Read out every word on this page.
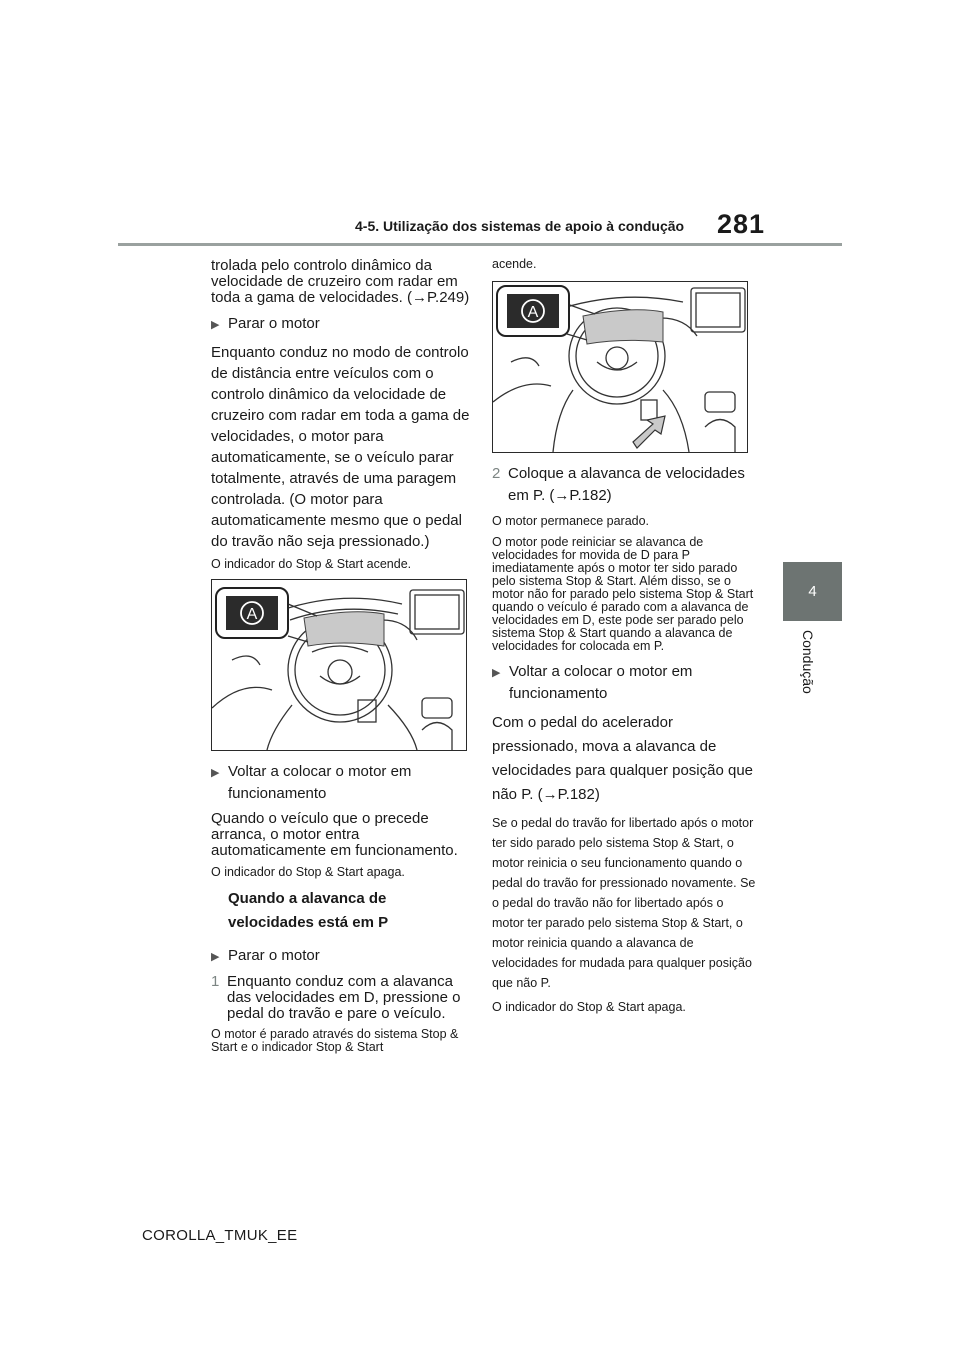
4-5. Utilização dos sistemas de apoio à condução 281
4
Condução

trolada pelo controlo dinâmico da velocidade de cruzeiro com radar em toda a gama de velocidades. (→P.249)

▶ Parar o motor

Enquanto conduz no modo de controlo de distância entre veículos com o controlo dinâmico da velocidade de cruzeiro com radar em toda a gama de velocidades, o motor para automaticamente, se o veículo parar totalmente, através de uma paragem controlada. (O motor para automaticamente mesmo que o pedal do travão não seja pressionado.)

O indicador do Stop & Start acende.

A
▶ Voltar a colocar o motor em funcionamento

Quando o veículo que o precede arranca, o motor entra automaticamente em funcionamento.

O indicador do Stop & Start apaga.

Quando a alavanca de velocidades está em P
▶ Parar o motor
1 Enquanto conduz com a alavanca das velocidades em D, pressione o pedal do travão e pare o veículo.

O motor é parado através do sistema Stop & Start e o indicador Stop & Start

acende.

A
2 Coloque a alavanca de velocidades em P. (→P.182)

O motor permanece parado.

O motor pode reiniciar se alavanca de velocidades for movida de D para P imediatamente após o motor ter sido parado pelo sistema Stop & Start. Além disso, se o motor não for parado pelo sistema Stop & Start quando o veículo é parado com a alavanca de velocidades em D, este pode ser parado pelo sistema Stop & Start quando a alavanca de velocidades for colocada em P.

▶ Voltar a colocar o motor em funcionamento

Com o pedal do acelerador pressionado, mova a alavanca de velocidades para qualquer posição que não P. (→P.182)

Se o pedal do travão for libertado após o motor ter sido parado pelo sistema Stop & Start, o motor reinicia o seu funcionamento quando o pedal do travão for pressionado novamente. Se o pedal do travão não for libertado após o motor ter parado pelo sistema Stop & Start, o motor reinicia quando a alavanca de velocidades for mudada para qualquer posição que não P.

O indicador do Stop & Start apaga.

COROLLA_TMUK_EE
